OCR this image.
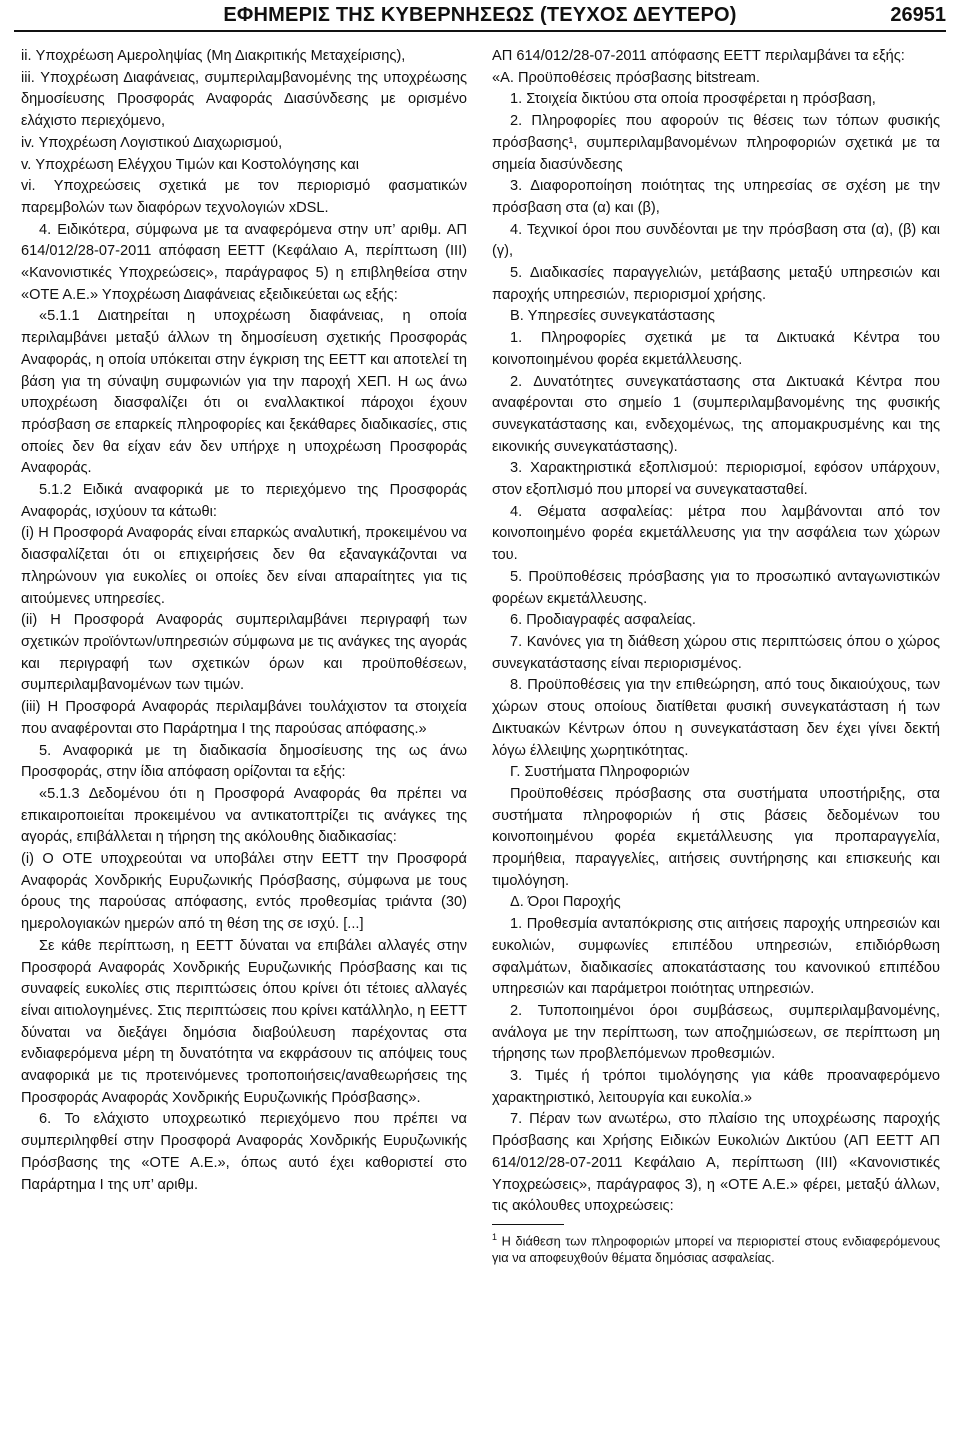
ΕΦΗΜΕΡΙΣ ΤΗΣ ΚΥΒΕΡΝΗΣΕΩΣ (ΤΕΥΧΟΣ ΔΕΥΤΕΡΟ)	26951

ii. Υποχρέωση Αμεροληψίας (Μη Διακριτικής Μεταχείρισης),

iii. Υποχρέωση Διαφάνειας, συμπεριλαμβανομένης της υποχρέωσης δημοσίευσης Προσφοράς Αναφοράς Διασύνδεσης με ορισμένο ελάχιστο περιεχόμενο,

iv. Υποχρέωση Λογιστικού Διαχωρισμού,

v. Υποχρέωση Ελέγχου Τιμών και Κοστολόγησης και

vi. Υποχρεώσεις σχετικά με τον περιορισμό φασματικών παρεμβολών των διαφόρων τεχνολογιών xDSL.

4. Ειδικότερα, σύμφωνα με τα αναφερόμενα στην υπ’ αριθμ. ΑΠ 614/012/28-07-2011 απόφαση ΕΕΤΤ (Κεφάλαιο Α, περίπτωση (ΙΙΙ) «Κανονιστικές Υποχρεώσεις», παράγραφος 5) η επιβληθείσα στην «ΟΤΕ Α.Ε.» Υποχρέωση Διαφάνειας εξειδικεύεται ως εξής:

«5.1.1 Διατηρείται η υποχρέωση διαφάνειας, η οποία περιλαμβάνει μεταξύ άλλων τη δημοσίευση σχετικής Προσφοράς Αναφοράς, η οποία υπόκειται στην έγκριση της ΕΕΤΤ και αποτελεί τη βάση για τη σύναψη συμφωνιών για την παροχή ΧΕΠ. Η ως άνω υποχρέωση διασφαλίζει ότι οι εναλλακτικοί πάροχοι έχουν πρόσβαση σε επαρκείς πληροφορίες και ξεκάθαρες διαδικασίες, στις οποίες δεν θα είχαν εάν δεν υπήρχε η υποχρέωση Προσφοράς Αναφοράς.

5.1.2 Ειδικά αναφορικά με το περιεχόμενο της Προσφοράς Αναφοράς, ισχύουν τα κάτωθι:

(i) Η Προσφορά Αναφοράς είναι επαρκώς αναλυτική, προκειμένου να διασφαλίζεται ότι οι επιχειρήσεις δεν θα εξαναγκάζονται να πληρώνουν για ευκολίες οι οποίες δεν είναι απαραίτητες για τις αιτούμενες υπηρεσίες.

(ii) Η Προσφορά Αναφοράς συμπεριλαμβάνει περιγραφή των σχετικών προϊόντων/υπηρεσιών σύμφωνα με τις ανάγκες της αγοράς και περιγραφή των σχετικών όρων και προϋποθέσεων, συμπεριλαμβανομένων των τιμών.

(iii) Η Προσφορά Αναφοράς περιλαμβάνει τουλάχιστον τα στοιχεία που αναφέρονται στο Παράρτημα Ι της παρούσας απόφασης.»

5. Αναφορικά με τη διαδικασία δημοσίευσης της ως άνω Προσφοράς, στην ίδια απόφαση ορίζονται τα εξής:

«5.1.3 Δεδομένου ότι η Προσφορά Αναφοράς θα πρέπει να επικαιροποιείται προκειμένου να αντικατοπτρίζει τις ανάγκες της αγοράς, επιβάλλεται η τήρηση της ακόλουθης διαδικασίας:

(i) Ο ΟΤΕ υποχρεούται να υποβάλει στην ΕΕΤΤ την Προσφορά Αναφοράς Χονδρικής Ευρυζωνικής Πρόσβασης, σύμφωνα με τους όρους της παρούσας απόφασης, εντός προθεσμίας τριάντα (30) ημερολογιακών ημερών από τη θέση της σε ισχύ. [...]

Σε κάθε περίπτωση, η ΕΕΤΤ δύναται να επιβάλει αλλαγές στην Προσφορά Αναφοράς Χονδρικής Ευρυζωνικής Πρόσβασης και τις συναφείς ευκολίες στις περιπτώσεις όπου κρίνει ότι τέτοιες αλλαγές είναι αιτιολογημένες. Στις περιπτώσεις που κρίνει κατάλληλο, η ΕΕΤΤ δύναται να διεξάγει δημόσια διαβούλευση παρέχοντας στα ενδιαφερόμενα μέρη τη δυνατότητα να εκφράσουν τις απόψεις τους αναφορικά με τις προτεινόμενες τροποποιήσεις/αναθεωρήσεις της Προσφοράς Αναφοράς Χονδρικής Ευρυζωνικής Πρόσβασης».

6. Το ελάχιστο υποχρεωτικό περιεχόμενο που πρέπει να συμπεριληφθεί στην Προσφορά Αναφοράς Χονδρικής Ευρυζωνικής Πρόσβασης της «ΟΤΕ Α.Ε.», όπως αυτό έχει καθοριστεί στο Παράρτημα Ι της υπ’ αριθμ.

ΑΠ 614/012/28-07-2011 απόφασης ΕΕΤΤ περιλαμβάνει τα εξής:

«Α. Προϋποθέσεις πρόσβασης bitstream.

1. Στοιχεία δικτύου στα οποία προσφέρεται η πρόσβαση,

2. Πληροφορίες που αφορούν τις θέσεις των τόπων φυσικής πρόσβασης¹, συμπεριλαμβανομένων πληροφοριών σχετικά με τα σημεία διασύνδεσης

3. Διαφοροποίηση ποιότητας της υπηρεσίας σε σχέση με την πρόσβαση στα (α) και (β),

4. Τεχνικοί όροι που συνδέονται με την πρόσβαση στα (α), (β) και (γ),

5. Διαδικασίες παραγγελιών, μετάβασης μεταξύ υπηρεσιών και παροχής υπηρεσιών, περιορισμοί χρήσης.

Β. Υπηρεσίες συνεγκατάστασης

1. Πληροφορίες σχετικά με τα Δικτυακά Κέντρα του κοινοποιημένου φορέα εκμετάλλευσης.

2. Δυνατότητες συνεγκατάστασης στα Δικτυακά Κέντρα που αναφέρονται στο σημείο 1 (συμπεριλαμβανομένης της φυσικής συνεγκατάστασης και, ενδεχομένως, της απομακρυσμένης και της εικονικής συνεγκατάστασης).

3. Χαρακτηριστικά εξοπλισμού: περιορισμοί, εφόσον υπάρχουν, στον εξοπλισμό που μπορεί να συνεγκατασταθεί.

4. Θέματα ασφαλείας: μέτρα που λαμβάνονται από τον κοινοποιημένο φορέα εκμετάλλευσης για την ασφάλεια των χώρων του.

5. Προϋποθέσεις πρόσβασης για το προσωπικό ανταγωνιστικών φορέων εκμετάλλευσης.

6. Προδιαγραφές ασφαλείας.

7. Κανόνες για τη διάθεση χώρου στις περιπτώσεις όπου ο χώρος συνεγκατάστασης είναι περιορισμένος.

8. Προϋποθέσεις για την επιθεώρηση, από τους δικαιούχους, των χώρων στους οποίους διατίθεται φυσική συνεγκατάσταση ή των Δικτυακών Κέντρων όπου η συνεγκατάσταση δεν έχει γίνει δεκτή λόγω έλλειψης χωρητικότητας.

Γ. Συστήματα Πληροφοριών

Προϋποθέσεις πρόσβασης στα συστήματα υποστήριξης, στα συστήματα πληροφοριών ή στις βάσεις δεδομένων του κοινοποιημένου φορέα εκμετάλλευσης για προπαραγγελία, προμήθεια, παραγγελίες, αιτήσεις συντήρησης και επισκευής και τιμολόγηση.

Δ. Όροι Παροχής

1. Προθεσμία ανταπόκρισης στις αιτήσεις παροχής υπηρεσιών και ευκολιών, συμφωνίες επιπέδου υπηρεσιών, επιδιόρθωση σφαλμάτων, διαδικασίες αποκατάστασης του κανονικού επιπέδου υπηρεσιών και παράμετροι ποιότητας υπηρεσιών.

2. Τυποποιημένοι όροι συμβάσεως, συμπεριλαμβανομένης, ανάλογα με την περίπτωση, των αποζημιώσεων, σε περίπτωση μη τήρησης των προβλεπόμενων προθεσμιών.

3. Τιμές ή τρόποι τιμολόγησης για κάθε προαναφερόμενο χαρακτηριστικό, λειτουργία και ευκολία.»

7. Πέραν των ανωτέρω, στο πλαίσιο της υποχρέωσης παροχής Πρόσβασης και Χρήσης Ειδικών Ευκολιών Δικτύου (ΑΠ ΕΕΤΤ ΑΠ 614/012/28-07-2011 Κεφάλαιο Α, περίπτωση (ΙΙΙ) «Κανονιστικές Υποχρεώσεις», παράγραφος 3), η «ΟΤΕ Α.Ε.» φέρει, μεταξύ άλλων, τις ακόλουθες υποχρεώσεις:

$^1$ Η διάθεση των πληροφοριών μπορεί να περιοριστεί στους ενδιαφερόμενους για να αποφευχθούν θέματα δημόσιας ασφαλείας.
